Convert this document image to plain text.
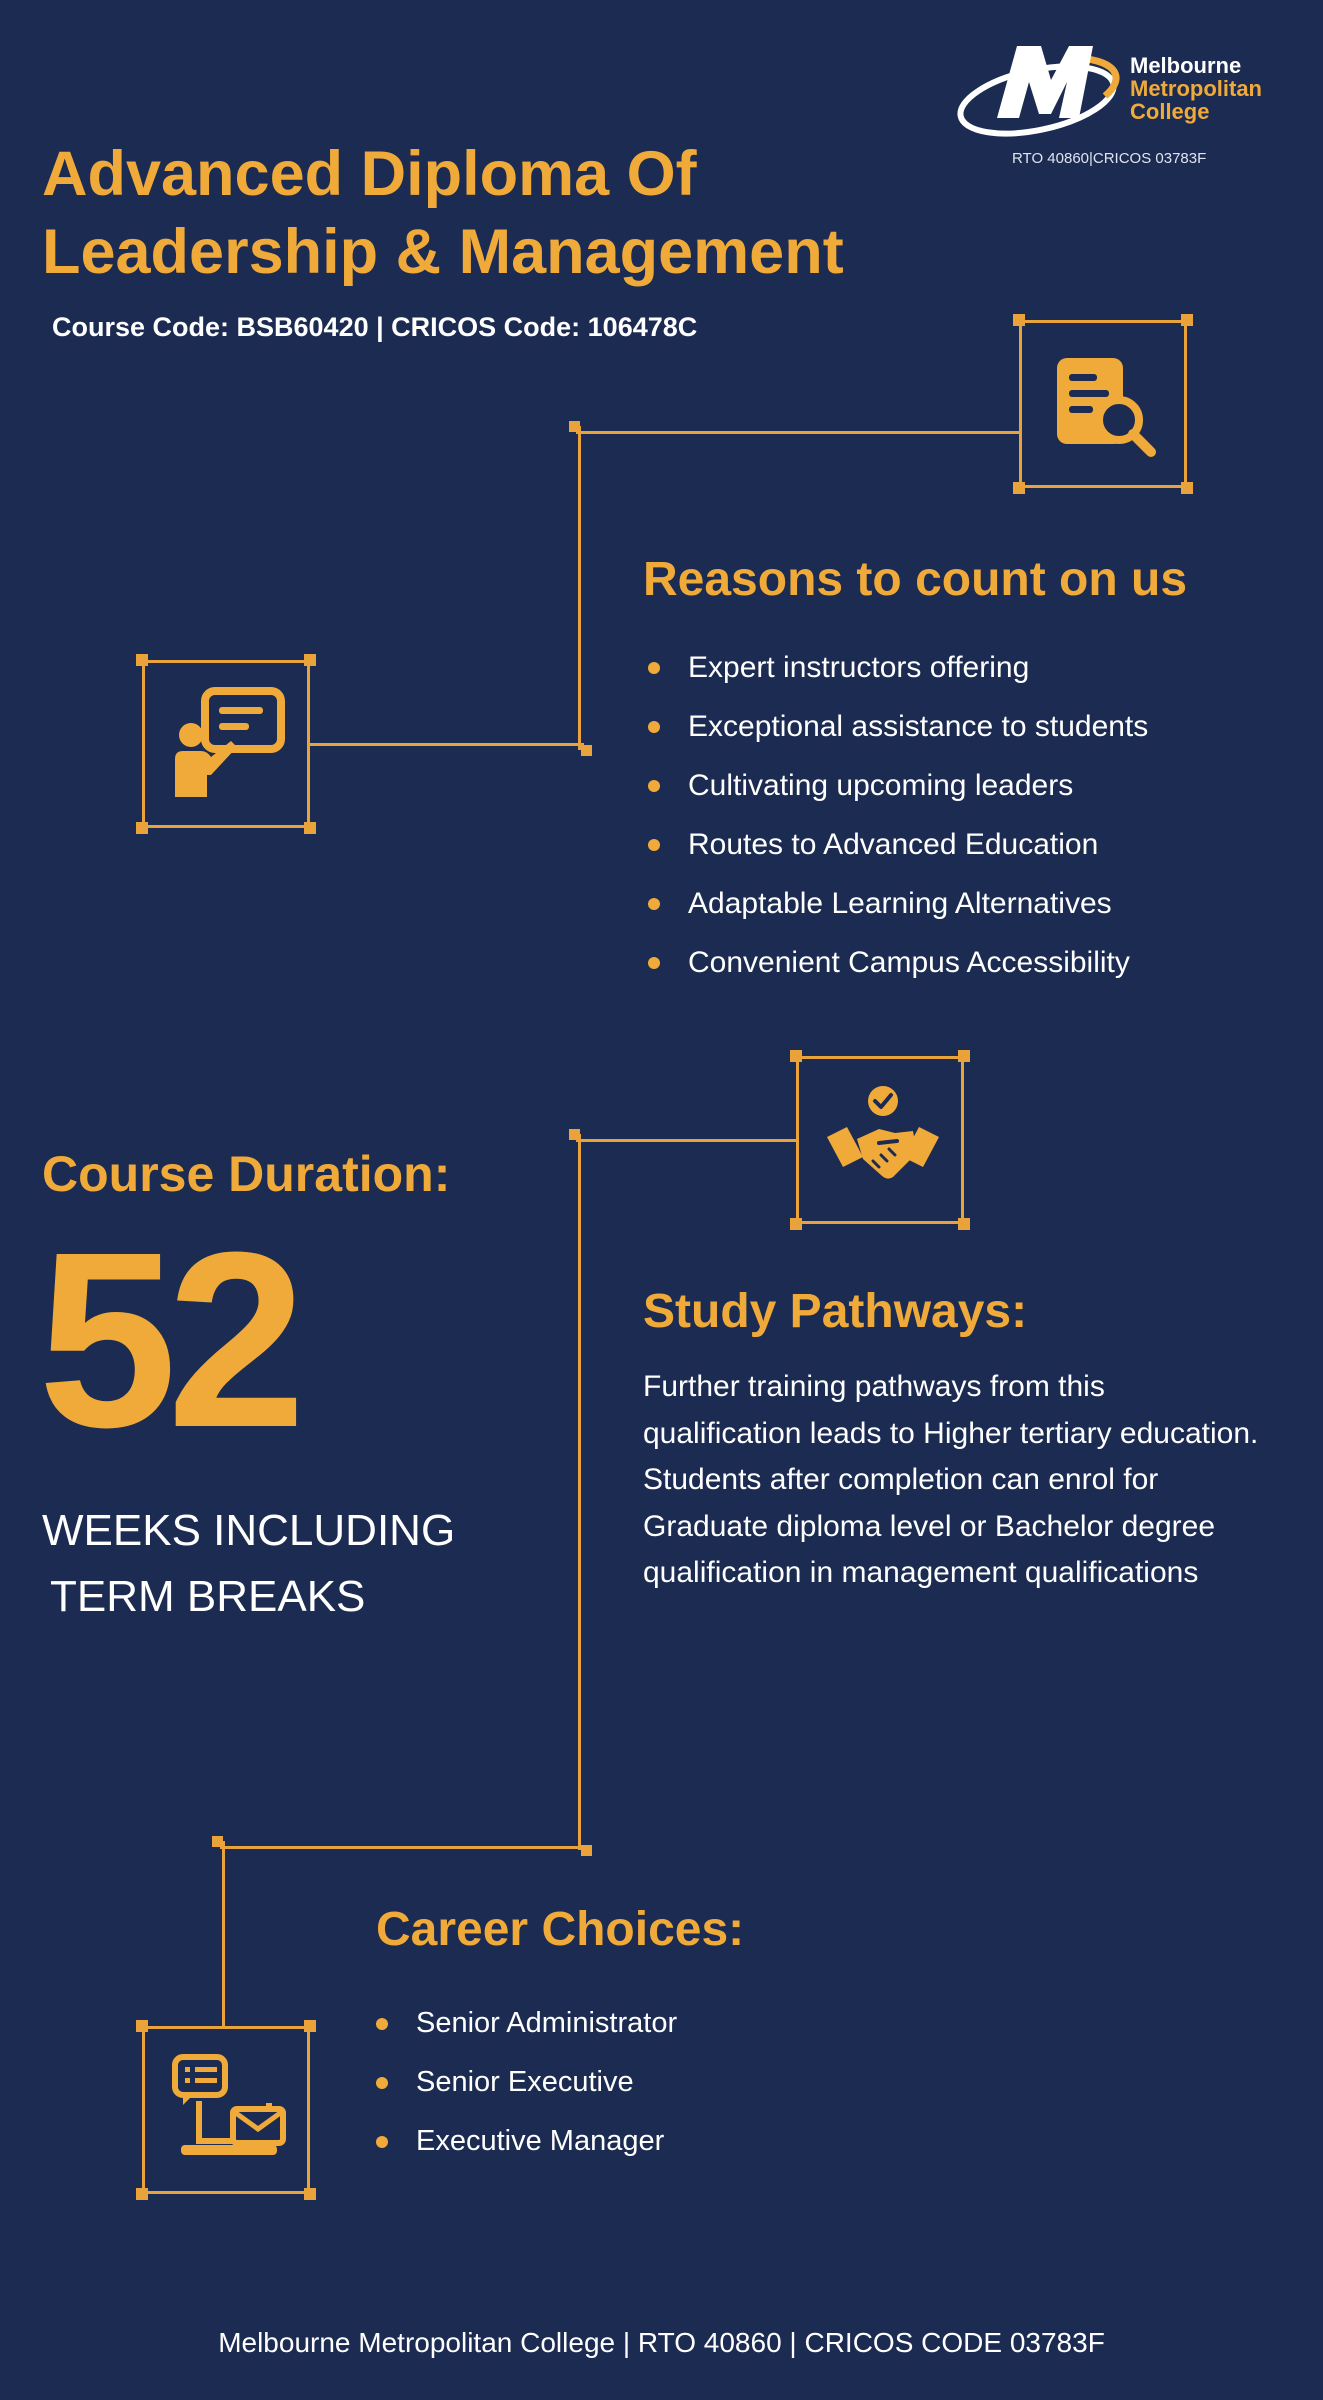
Advanced Diploma Of Leadership & Management
Course Code: BSB60420 | CRICOS Code: 106478C
Melbourne
Metropolitan
College
RTO 40860|CRICOS 03783F
Reasons to count on us
Expert instructors offering
Exceptional assistance to students
Cultivating upcoming leaders
Routes to Advanced Education
Adaptable Learning Alternatives
Convenient Campus Accessibility
Course Duration:
52
WEEKS INCLUDING
TERM BREAKS
Study Pathways:
Further training pathways from this qualification leads to Higher tertiary education. Students after completion can enrol for Graduate diploma level or Bachelor degree qualification in management qualifications
Career Choices:
Senior Administrator
Senior Executive
Executive Manager
Melbourne Metropolitan College | RTO 40860 | CRICOS CODE 03783F
